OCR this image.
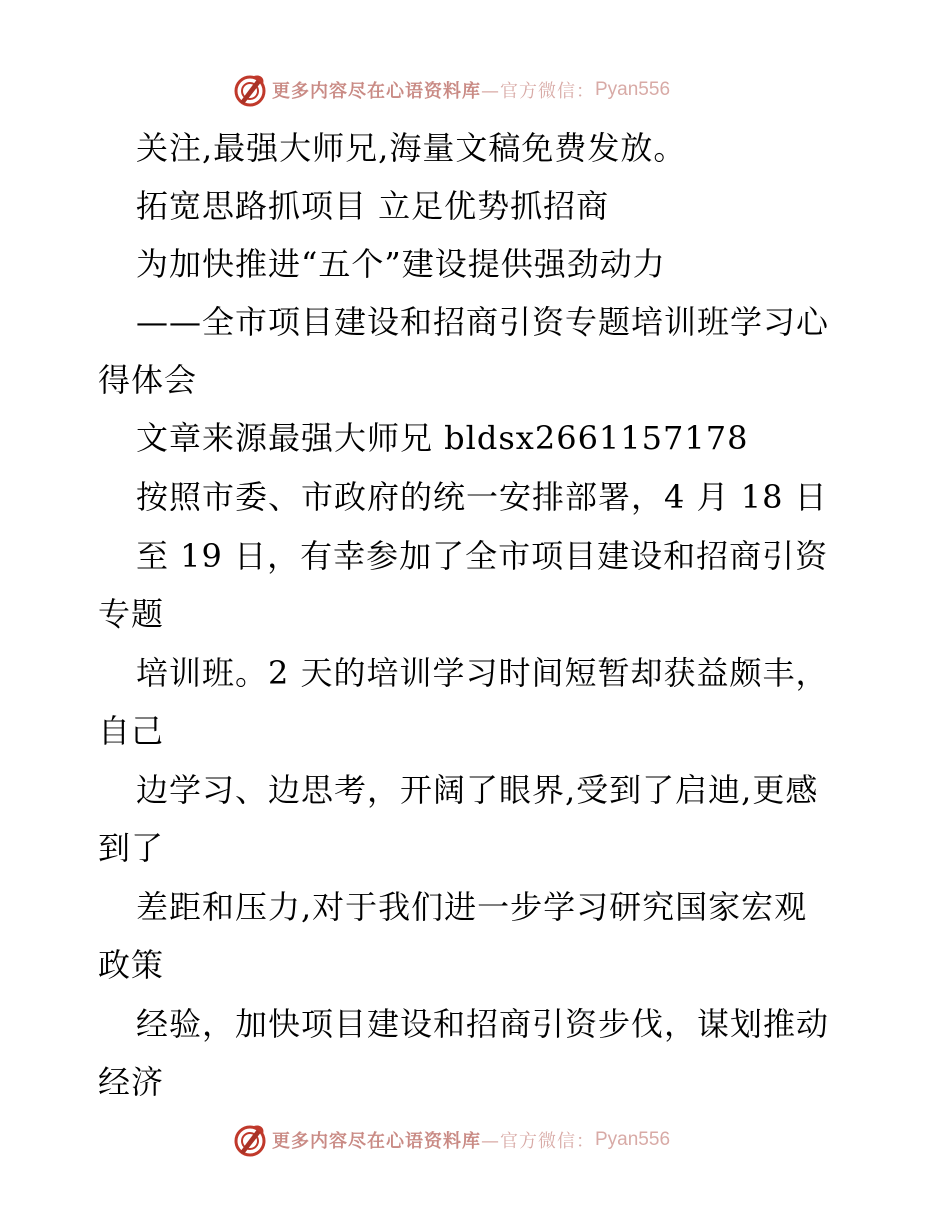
更多内容尽在心语资料库 —官方微信： Pyan556
关注,最强大师兄,海量文稿免费发放。
拓宽思路抓项目 立足优势抓招商
为加快推进“五个”建设提供强劲动力
——全市项目建设和招商引资专题培训班学习心
得体会
文章来源最强大师兄 bldsx2661157178
按照市委、市政府的统一安排部署，4 月 18 日
至 19 日，有幸参加了全市项目建设和招商引资
专题
培训班。2 天的培训学习时间短暂却获益颇丰，
自己
边学习、边思考，开阔了眼界,受到了启迪,更感
到了
差距和压力,对于我们进一步学习研究国家宏观
政策
经验，加快项目建设和招商引资步伐，谋划推动
经济
更多内容尽在心语资料库 —官方微信： Pyan556
